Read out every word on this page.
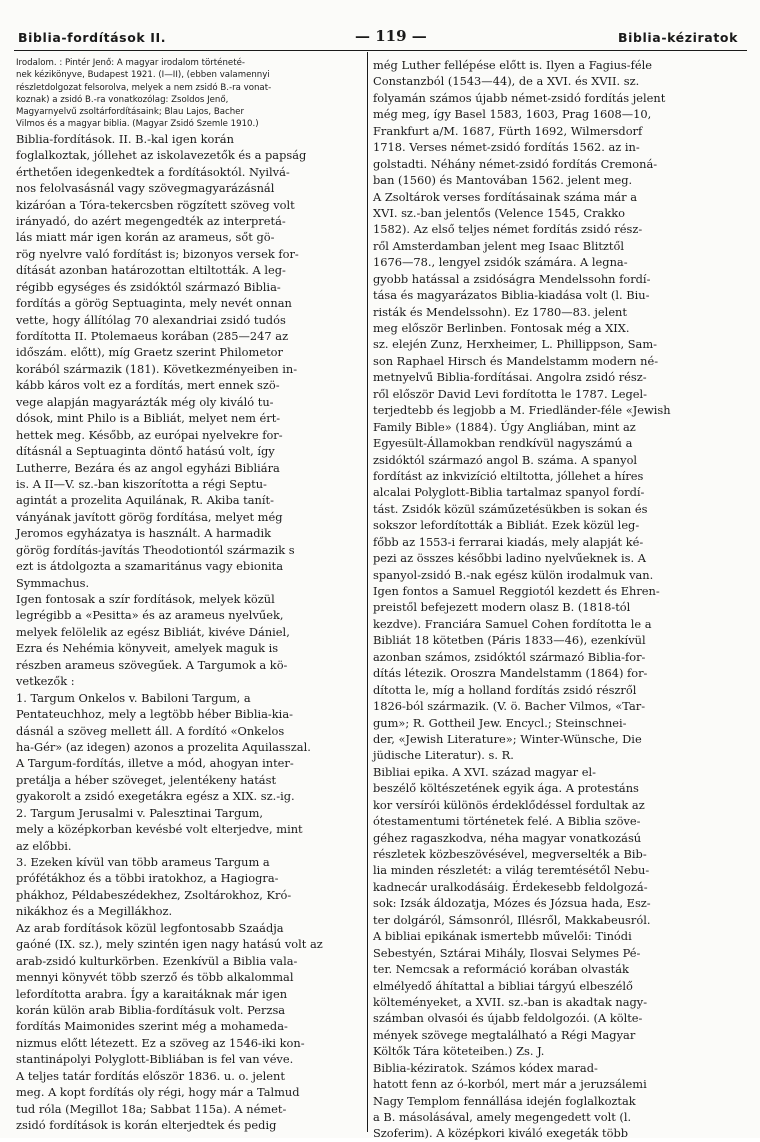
Biblia-fordítások II.	— 119 —	Biblia-kéziratok
Irodalom. : Pintér Jenő: A magyar irodalom történeté-
nek kézikönyve, Budapest 1921. (I—II), (ebben valamennyi
részletdolgozat felsorolva, melyek a nem zsidó B.-ra vonat-
koznak) a zsidó B.-ra vonatkozólag: Zsoldos Jenő,
Magyarnyelvű zsoltárfordításaink; Blau Lajos, Bacher
Vilmos és a magyar biblia. (Magyar Zsidó Szemle 1910.)
Biblia-fordítások. II. B.-kal igen korán
foglalkoztak, jóllehet az iskolavezetők és a papság
érthetően idegenkedtek a fordításoktól. Nyilvá-
nos felolvasásnál vagy szövegmagyarázásnál
kizáróan a Tóra-tekercsben rögzített szöveg volt
irányadó, do azért megengedték az interpretá-
lás miatt már igen korán az arameus, sőt gö-
rög nyelvre való fordítást is; bizonyos versek for-
dítását azonban határozottan eltiltották. A leg-
régibb egységes és zsidóktól származó Biblia-
fordítás a görög Septuaginta, mely nevét onnan
vette, hogy állítólag 70 alexandriai zsidó tudós
fordította II. Ptolemaeus korában (285—247 az
időszám. előtt), míg Graetz szerint Philometor
korából származik (181). Következményeiben in-
kább káros volt ez a fordítás, mert ennek szö-
vege alapján magyarázták még oly kiváló tu-
dósok, mint Philo is a Bibliát, melyet nem ért-
hettek meg. Később, az európai nyelvekre for-
dításnál a Septuaginta döntő hatású volt, így
Lutherre, Bezára és az angol egyházi Bibliára
is. A II—V. sz.-ban kiszorította a régi Septu-
agintát a prozelita Aquilának, R. Akiba tanít-
ványának javított görög fordítása, melyet még
Jeromos egyházatya is használt. A harmadik
görög fordítás-javítás Theodotiontól származik s
ezt is átdolgozta a szamaritánus vagy ebionita
Symmachus.
Igen fontosak a szír fordítások, melyek közül
legrégibb a «Pesitta» és az arameus nyelvűek,
melyek felölelik az egész Bibliát, kivéve Dániel,
Ezra és Nehémia könyveit, amelyek maguk is
részben arameus szövegűek. A Targumok a kö-
vetkezők :
1. Targum Onkelos v. Babiloni Targum, a
Pentateuchhoz, mely a legtöbb héber Biblia-kia-
dásnál a szöveg mellett áll. A fordító «Onkelos
ha-Gér» (az idegen) azonos a prozelita Aquilasszal.
A Targum-fordítás, illetve a mód, ahogyan inter-
pretálja a héber szöveget, jelentékeny hatást
gyakorolt a zsidó exegetákra egész a XIX. sz.-ig.
2. Targum Jerusalmi v. Palesztinai Targum,
mely a középkorban kevésbé volt elterjedve, mint
az előbbi.
3. Ezeken kívül van több arameus Targum a
prófétákhoz és a többi iratokhoz, a Hagiogra-
phákhoz, Példabeszédekhez, Zsoltárokhoz, Kró-
nikákhoz és a Megillákhoz.
Az arab fordítások közül legfontosabb Szaádja
gaóné (IX. sz.), mely szintén igen nagy hatású volt az
arab-zsidó kulturkörben. Ezenkívül a Biblia vala-
mennyi könyvét több szerző és több alkalommal
lefordította arabra. Így a karaitáknak már igen
korán külön arab Biblia-fordításuk volt. Perzsa
fordítás Maimonides szerint még a mohameda-
nizmus előtt létezett. Ez a szöveg az 1546-iki kon-
stantinápolyi Polyglott-Bibliában is fel van véve.
A teljes tatár fordítás először 1836. u. o. jelent
meg. A kopt fordítás oly régi, hogy már a Talmud
tud róla (Megillot 18a; Sabbat 115a). A német-
zsidó fordítások is korán elterjedtek és pedig
még Luther fellépése előtt is. Ilyen a Fagius-féle
Constanzból (1543—44), de a XVI. és XVII. sz.
folyamán számos újabb német-zsidó fordítás jelent
még meg, így Basel 1583, 1603, Prag 1608—10,
Frankfurt a/M. 1687, Fürth 1692, Wilmersdorf
1718. Verses német-zsidó fordítás 1562. az in-
golstadti. Néhány német-zsidó fordítás Cremoná-
ban (1560) és Mantovában 1562. jelent meg.
A Zsoltárok verses fordításainak száma már a
XVI. sz.-ban jelentős (Velence 1545, Crakko
1582). Az első teljes német fordítás zsidó rész-
ről Amsterdamban jelent meg Isaac Blitztől
1676—78., lengyel zsidók számára. A legna-
gyobb hatással a zsidóságra Mendelssohn fordí-
tása és magyarázatos Biblia-kiadása volt (l. Biu-
risták és Mendelssohn). Ez 1780—83. jelent
meg először Berlinben. Fontosak még a XIX.
sz. elején Zunz, Herxheimer, L. Phillippson, Sam-
son Raphael Hirsch és Mandelstamm modern né-
metnyelvű Biblia-fordításai. Angolra zsidó rész-
ről először David Levi fordította le 1787. Legel-
terjedtebb és legjobb a M. Friedländer-féle «Jewish
Family Bible» (1884). Úgy Angliában, mint az
Egyesült-Államokban rendkívül nagyszámú a
zsidóktól származó angol B. száma. A spanyol
fordítást az inkvizíció eltiltotta, jóllehet a híres
alcalai Polyglott-Biblia tartalmaz spanyol fordí-
tást. Zsidók közül száműzetésükben is sokan és
sokszor lefordították a Bibliát. Ezek közül leg-
főbb az 1553-i ferrarai kiadás, mely alapját ké-
pezi az összes későbbi ladino nyelvűeknek is. A
spanyol-zsidó B.-nak egész külön irodalmuk van.
Igen fontos a Samuel Reggiotól kezdett és Ehren-
preistől befejezett modern olasz B. (1818-tól
kezdve). Franciára Samuel Cohen fordította le a
Bibliát 18 kötetben (Páris 1833—46), ezenkívül
azonban számos, zsidóktól származó Biblia-for-
dítás létezik. Oroszra Mandelstamm (1864) for-
dította le, míg a holland fordítás zsidó részről
1826-ból származik. (V. ö. Bacher Vilmos, «Tar-
gum»; R. Gottheil Jew. Encycl.; Steinschnei-
der, «Jewish Literature»; Winter-Wünsche, Die
jüdische Literatur). s. R.
Bibliai epika. A XVI. század magyar el-
beszélő költészetének egyik ága. A protestáns
kor versírói különös érdeklődéssel fordultak az
ótestamentumi történetek felé. A Biblia szöve-
géhez ragaszkodva, néha magyar vonatkozású
részletek közbeszövésével, megverselték a Bib-
lia minden részletét: a világ teremtésétől Nebu-
kadnecár uralkodásáig. Érdekesebb feldolgozá-
sok: Izsák áldozatja, Mózes és Józsua hada, Esz-
ter dolgáról, Sámsonról, Illésről, Makkabeusról.
A bibliai epikának ismertebb művelői: Tinódi
Sebestyén, Sztárai Mihály, Ilosvai Selymes Pé-
ter. Nemcsak a reformáció korában olvasták
elmélyedő áhítattal a bibliai tárgyú elbeszélő
költeményeket, a XVII. sz.-ban is akadtak nagy-
számban olvasói és újabb feldolgozói. (A költe-
mények szövege megtalálható a Régi Magyar
Költők Tára köteteiben.) Zs. J.
Biblia-kéziratok. Számos kódex marad-
hatott fenn az ó-korból, mert már a jeruzsálemi
Nagy Templom fennállása idején foglalkoztak
a B. másolásával, amely megengedett volt (l.
Szoferim). A középkori kiváló exegeták több
